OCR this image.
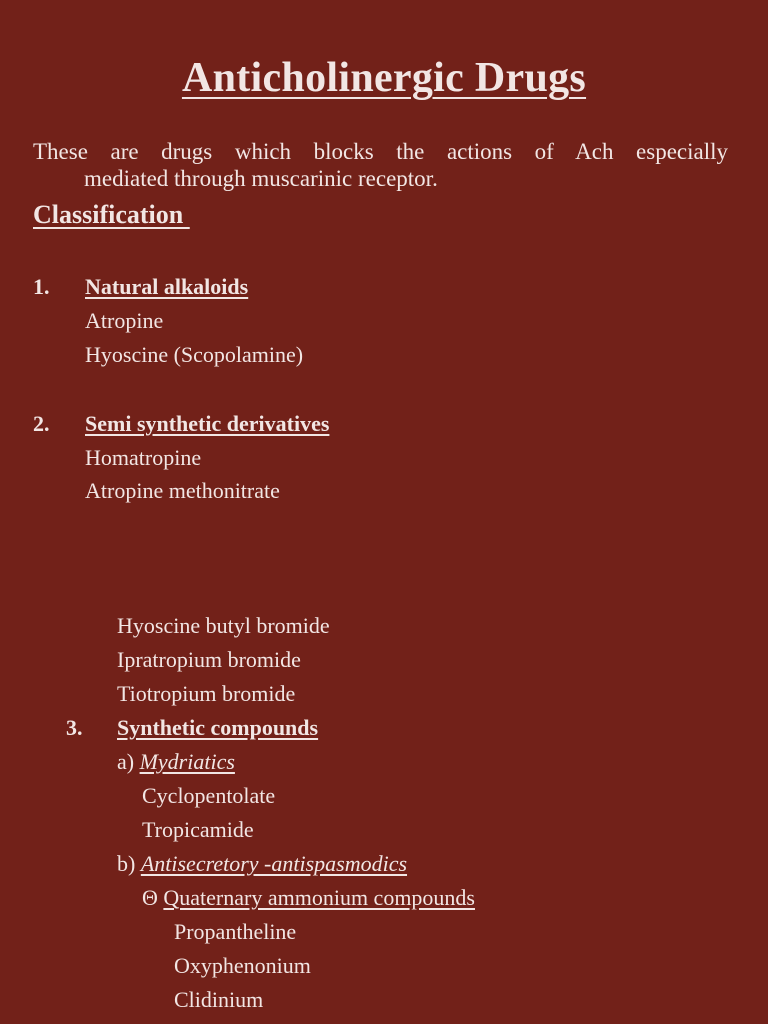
Anticholinergic Drugs
These are drugs which blocks the actions of Ach especially
mediated through muscarinic receptor.
Classification
1. Natural alkaloids
Atropine
Hyoscine (Scopolamine)
2. Semi synthetic derivatives
Homatropine
Atropine methonitrate
Hyoscine butyl bromide
Ipratropium bromide
Tiotropium bromide
3. Synthetic compounds
a) Mydriatics
Cyclopentolate
Tropicamide
b) Antisecretory -antispasmodics
Θ Quaternary ammonium compounds
Propantheline
Oxyphenonium
Clidinium
